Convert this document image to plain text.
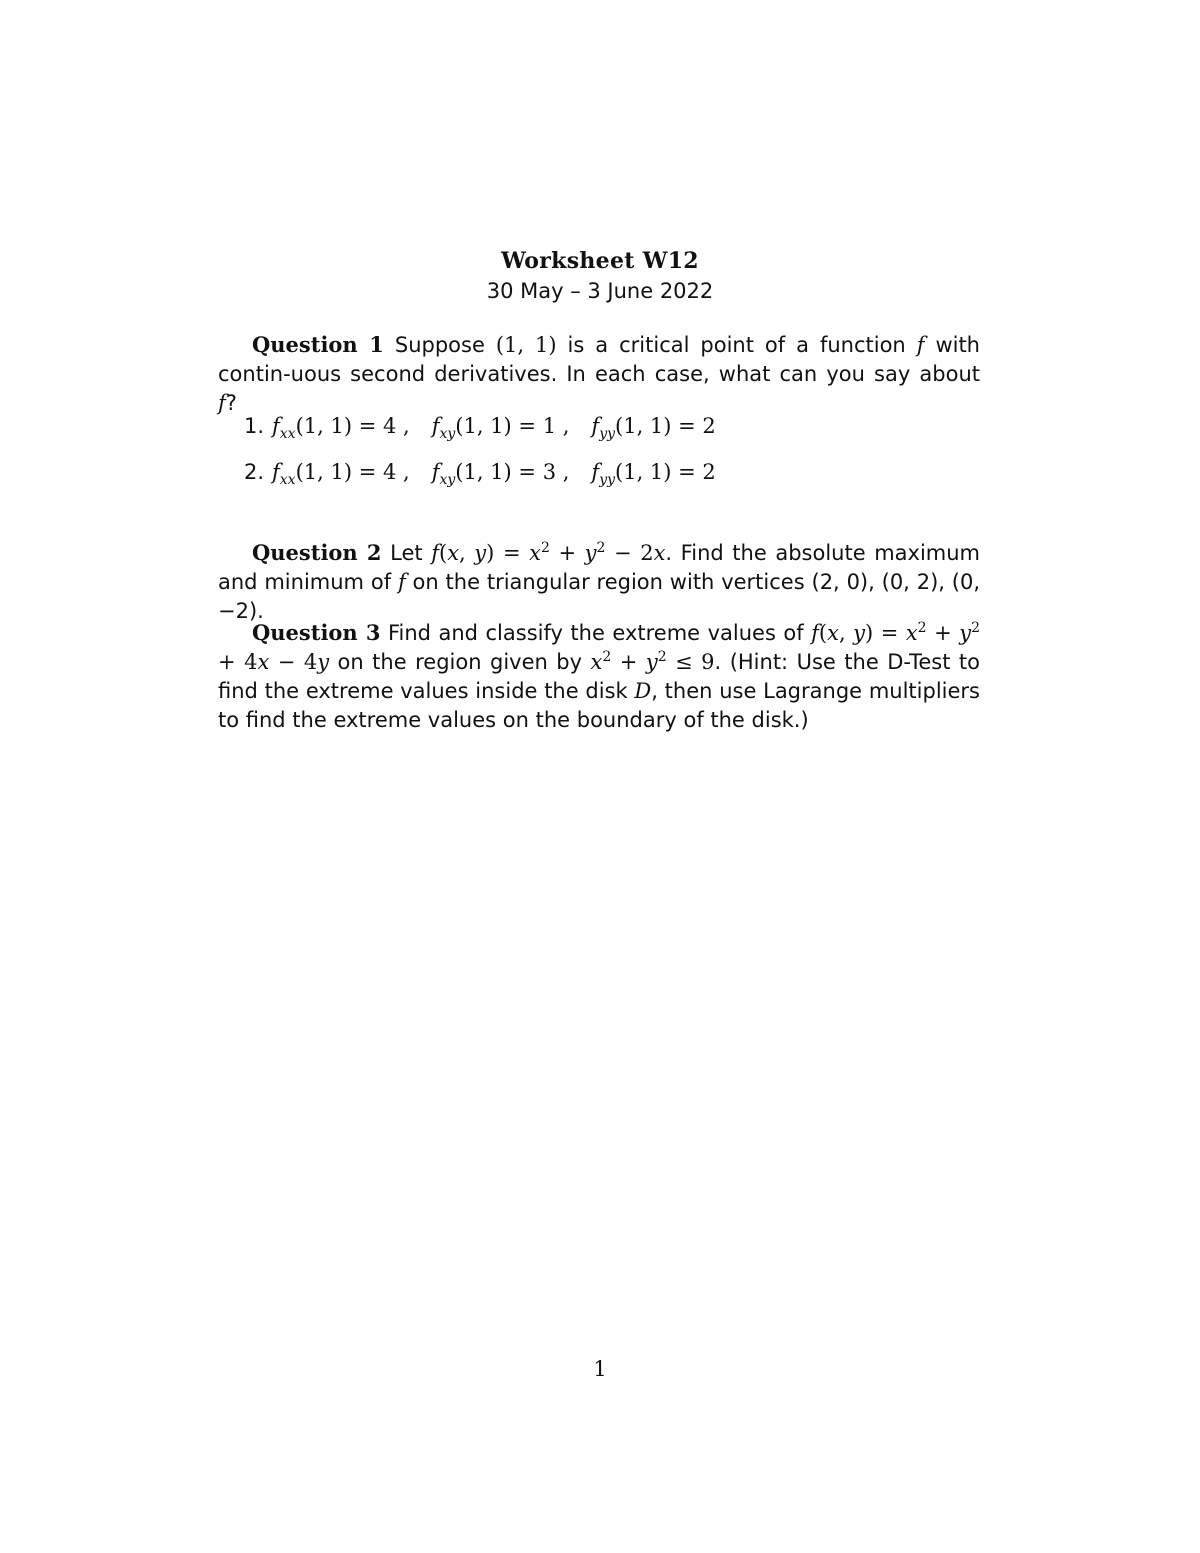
Worksheet W12
30 May – 3 June 2022
Question 1 Suppose (1, 1) is a critical point of a function f with contin-uous second derivatives. In each case, what can you say about f?
1. $f_{xx}(1$, 1) = 4 , $f_{xy}(1$, 1) = 1 , $f_{yy}(1$, 1) = 2
2. $f_{xx}(1$, 1) = 4 , $f_{xy}(1$, 1) = 3 , $f_{yy}(1$, 1) = 2
Question 2 Let f(x, $y) = x^2 + y^2 - 2x$. Find the absolute maximum and minimum of f on the triangular region with vertices (2, 0), (0, 2), (0, −2).
Question 3 Find and classify the extreme values of f(x, $y) = x^2 + y^2 + 4x - 4y$ on the region given by $x^2 + y^2 \le 9$. (Hint: Use the D-Test to find the extreme values inside the disk D, then use Lagrange multipliers to find the extreme values on the boundary of the disk.)
1
